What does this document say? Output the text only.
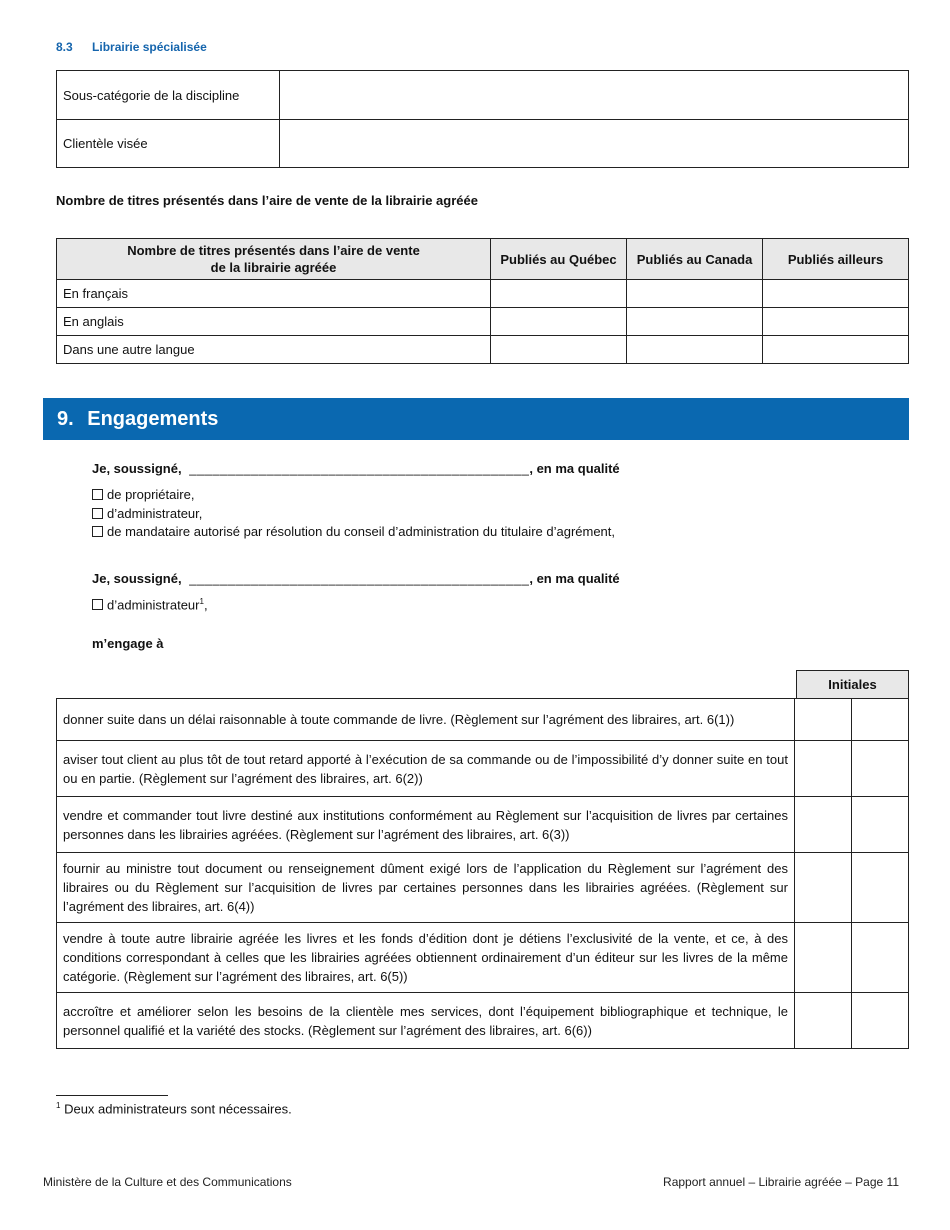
8.3 Librairie spécialisée
Sous-catégorie de la discipline	
Clientèle visée	
Nombre de titres présentés dans l’aire de vente de la librairie agréée
Nombre de titres présentés dans l’aire de vente
de la librairie agréée	Publiés au Québec	Publiés au Canada	Publiés ailleurs
En français			
En anglais			
Dans une autre langue			
9. Engagements
Je, soussigné, ____________________________________________, en ma qualité
de propriétaire,
d’administrateur,
de mandataire autorisé par résolution du conseil d’administration du titulaire d’agrément,
Je, soussigné, ____________________________________________, en ma qualité
d’administrateur$^1$,
m’engage à
Initiales
donner suite dans un délai raisonnable à toute commande de livre. (Règlement sur l’agrément des libraires, art. 6(1))		
aviser tout client au plus tôt de tout retard apporté à l’exécution de sa commande ou de l’impossibilité d’y donner suite en tout ou en partie. (Règlement sur l’agrément des libraires, art. 6(2))		
vendre et commander tout livre destiné aux institutions conformément au Règlement sur l’acquisition de livres par certaines personnes dans les librairies agréées. (Règlement sur l’agrément des libraires, art. 6(3))		
fournir au ministre tout document ou renseignement dûment exigé lors de l’application du Règlement sur l’agrément des libraires ou du Règlement sur l’acquisition de livres par certaines personnes dans les librairies agréées. (Règlement sur l’agrément des libraires, art. 6(4))		
vendre à toute autre librairie agréée les livres et les fonds d’édition dont je détiens l’exclusivité de la vente, et ce, à des conditions correspondant à celles que les librairies agréées obtiennent ordinairement d’un éditeur sur les livres de la même catégorie. (Règlement sur l’agrément des libraires, art. 6(5))		
accroître et améliorer selon les besoins de la clientèle mes services, dont l’équipement bibliographique et technique, le personnel qualifié et la variété des stocks. (Règlement sur l’agrément des libraires, art. 6(6))		
$^1$ Deux administrateurs sont nécessaires.
Ministère de la Culture et des Communications	Rapport annuel – Librairie agréée – Page 11
